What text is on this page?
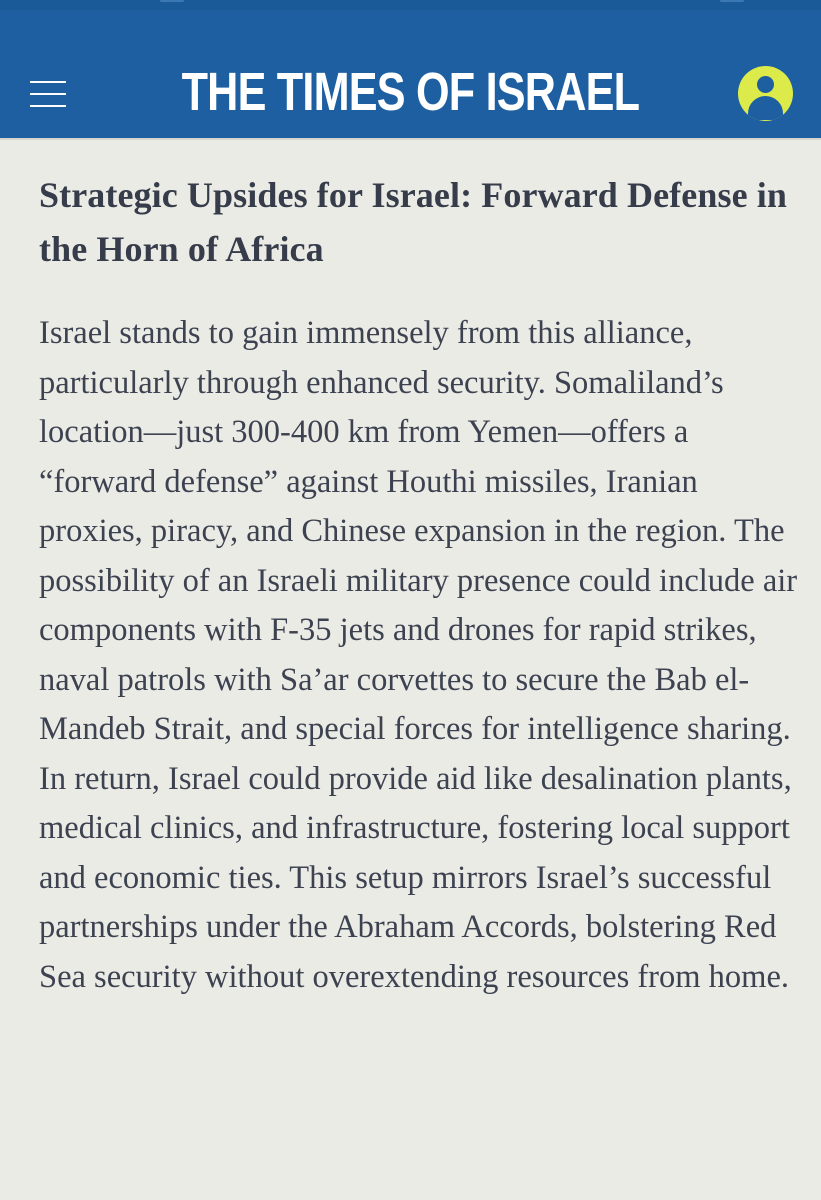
THE TIMES OF ISRAEL
Strategic Upsides for Israel: Forward Defense in the Horn of Africa

Israel stands to gain immensely from this alliance, particularly through enhanced security. Somaliland’s location—just 300-400 km from Yemen—offers a “forward defense” against Houthi missiles, Iranian proxies, piracy, and Chinese expansion in the region. The possibility of an Israeli military presence could include air components with F-35 jets and drones for rapid strikes, naval patrols with Sa’ar corvettes to secure the Bab el-Mandeb Strait, and special forces for intelligence sharing. In return, Israel could provide aid like desalination plants, medical clinics, and infrastructure, fostering local support and economic ties. This setup mirrors Israel’s successful partnerships under the Abraham Accords, bolstering Red Sea security without overextending resources from home.
